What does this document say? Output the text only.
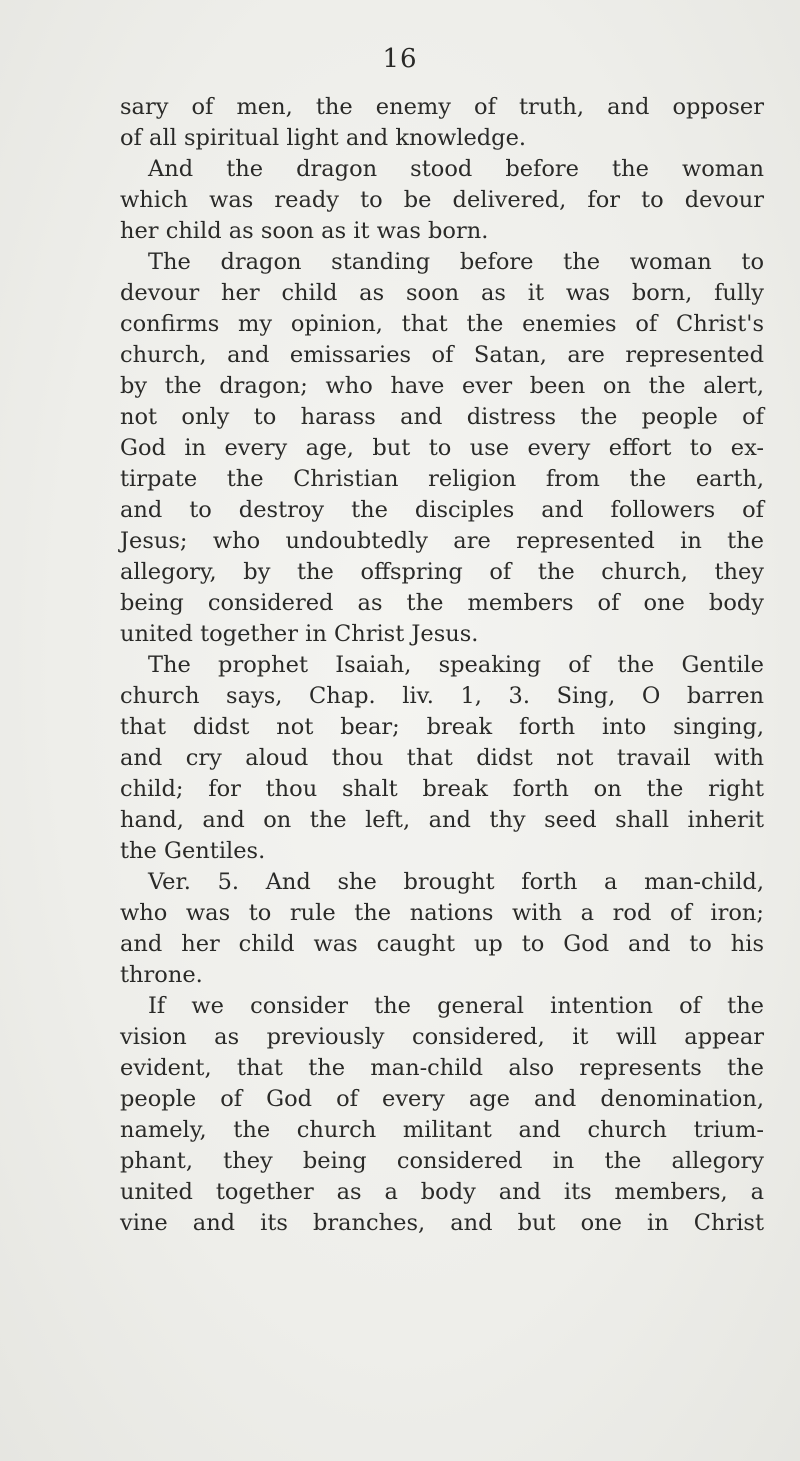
16
sary of men, the enemy of truth, and opposer
of all spiritual light and knowledge.
And the dragon stood before the woman
which was ready to be delivered, for to devour
her child as soon as it was born.
The dragon standing before the woman to
devour her child as soon as it was born, fully
confirms my opinion, that the enemies of Christ's
church, and emissaries of Satan, are represented
by the dragon; who have ever been on the alert,
not only to harass and distress the people of
God in every age, but to use every effort to ex-
tirpate the Christian religion from the earth,
and to destroy the disciples and followers of
Jesus; who undoubtedly are represented in the
allegory, by the offspring of the church, they
being considered as the members of one body
united together in Christ Jesus.
The prophet Isaiah, speaking of the Gentile
church says, Chap. liv. 1, 3. Sing, O barren
that didst not bear; break forth into singing,
and cry aloud thou that didst not travail with
child; for thou shalt break forth on the right
hand, and on the left, and thy seed shall inherit
the Gentiles.
Ver. 5. And she brought forth a man-child,
who was to rule the nations with a rod of iron;
and her child was caught up to God and to his
throne.
If we consider the general intention of the
vision as previously considered, it will appear
evident, that the man-child also represents the
people of God of every age and denomination,
namely, the church militant and church trium-
phant, they being considered in the allegory
united together as a body and its members, a
vine and its branches, and but one in Christ
